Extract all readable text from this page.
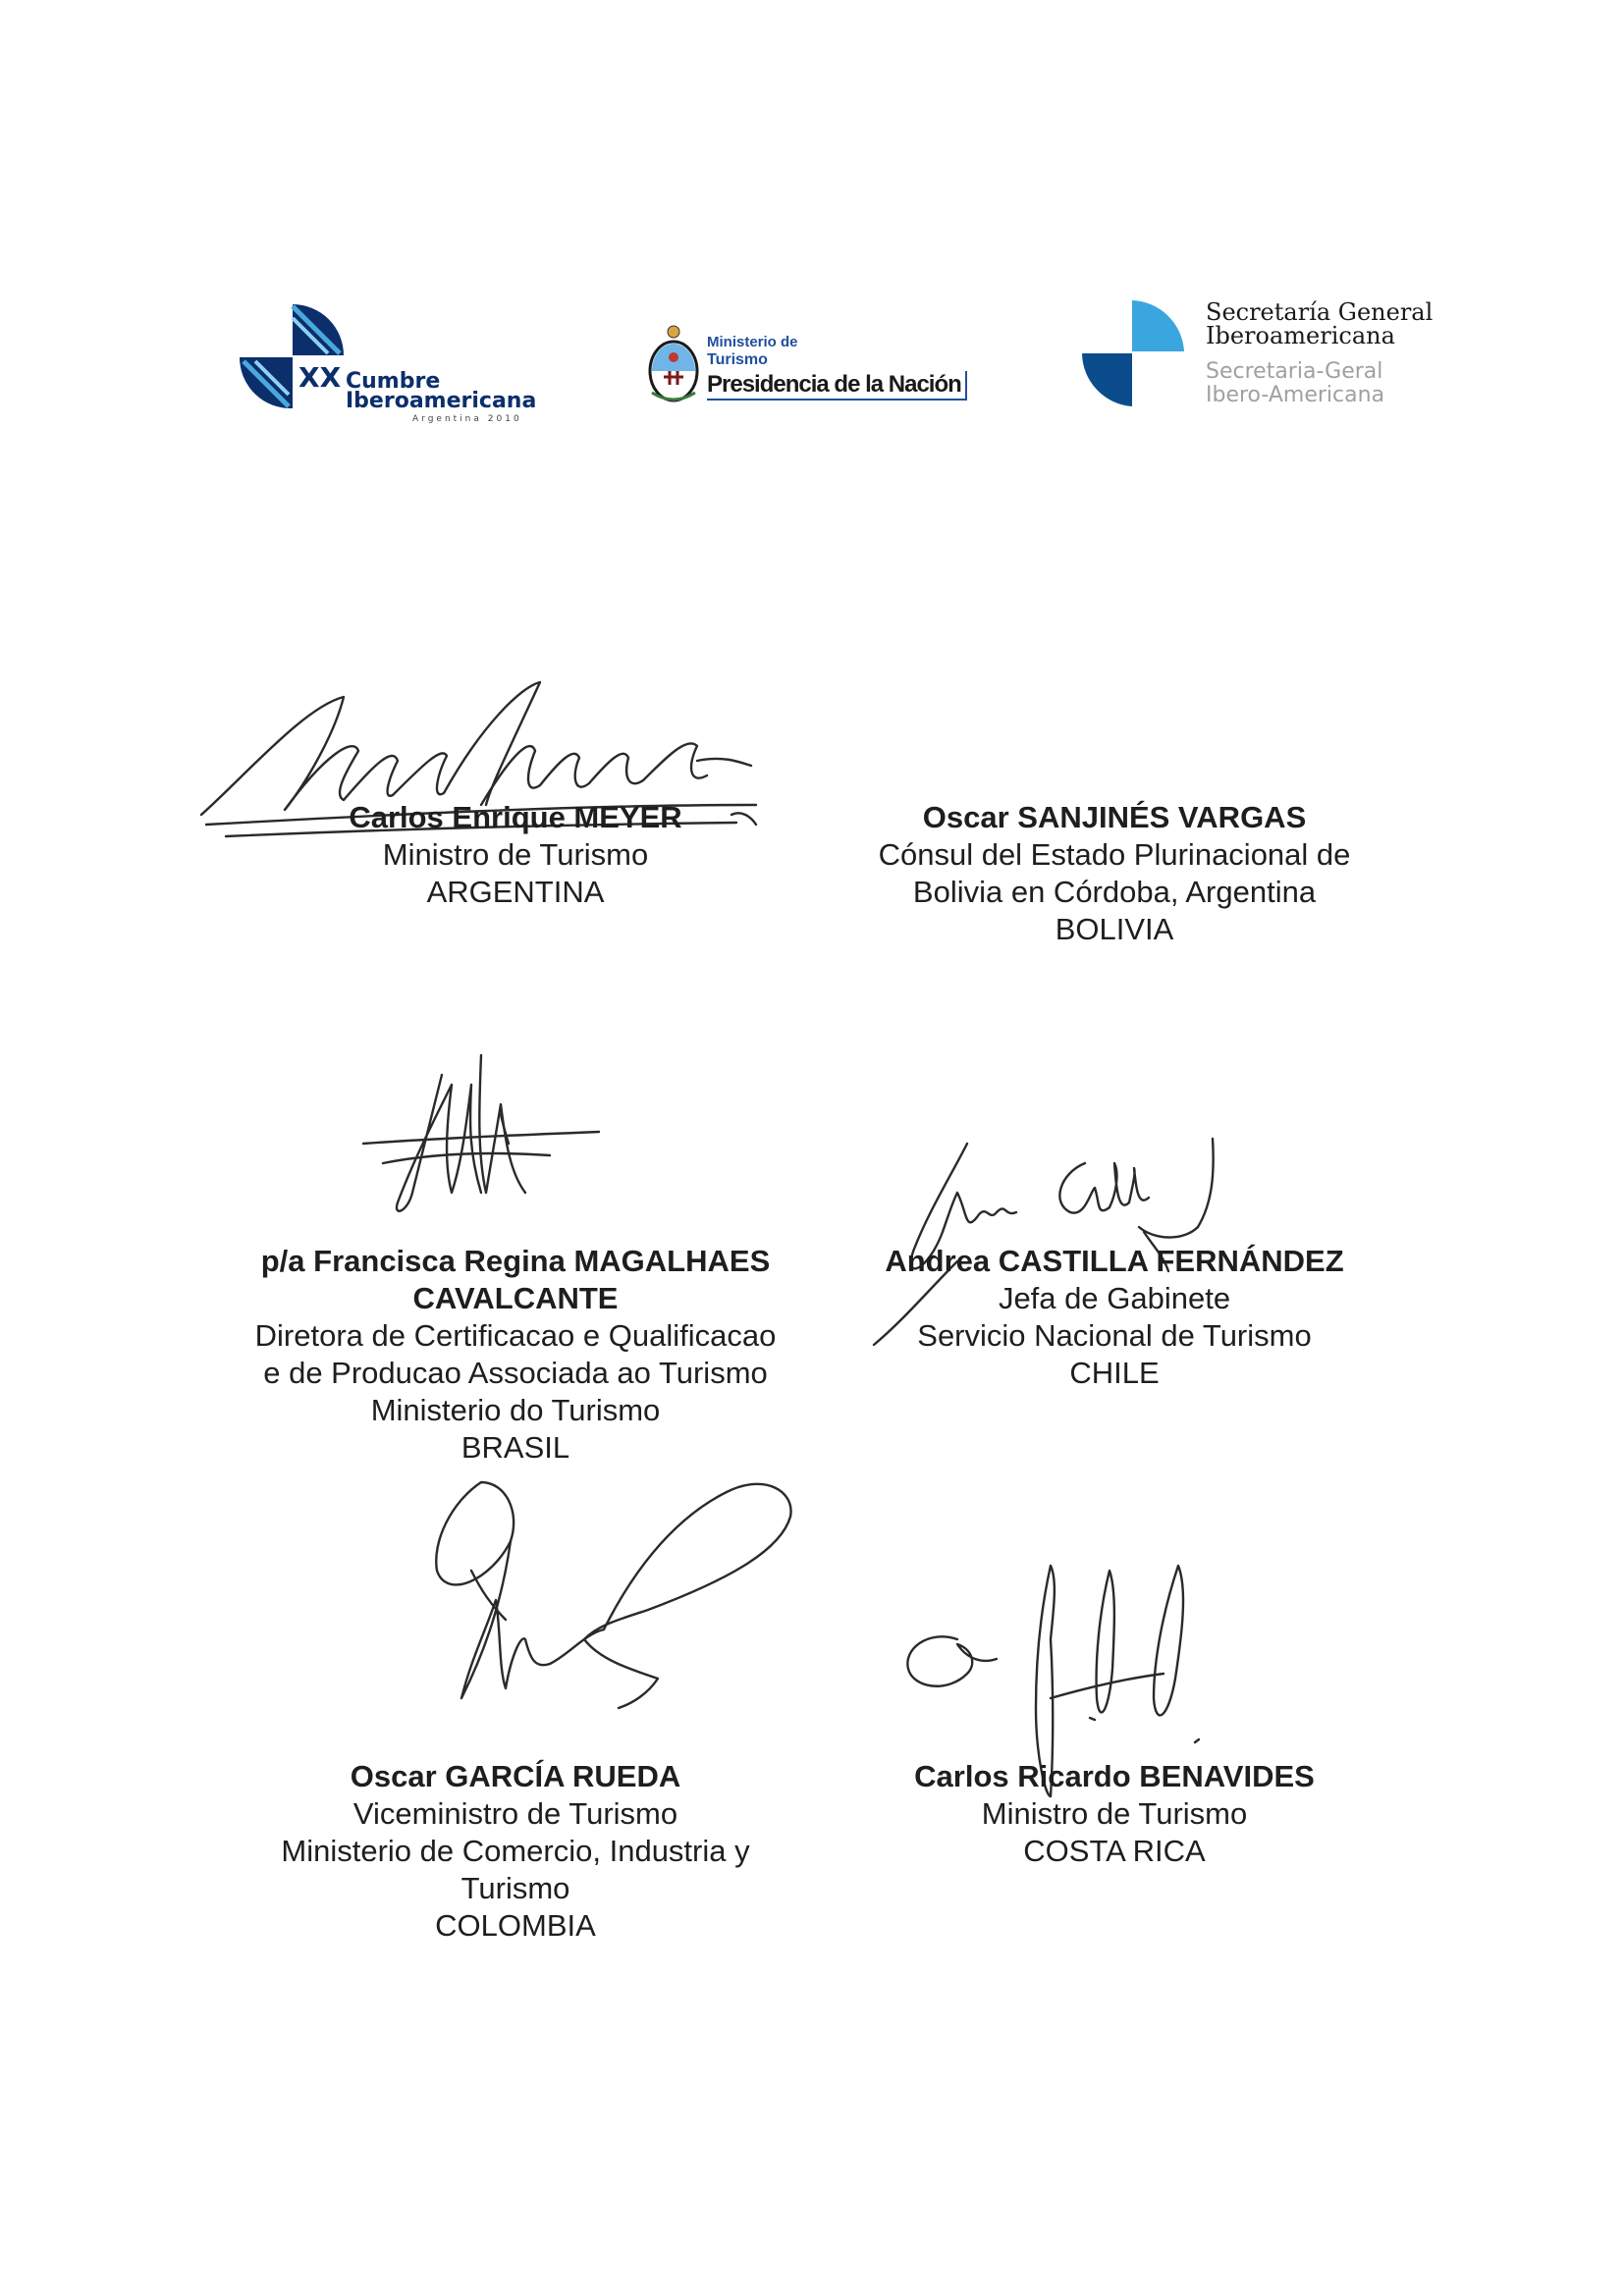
XX Cumbre
Iberoamericana
Argentina 2010
Ministerio de
Turismo
Presidencia de la Nación
Secretaría General
Iberoamericana
Secretaria-Geral
Ibero-Americana
Carlos Enrique MEYER
Ministro de Turismo
ARGENTINA
Oscar SANJINÉS VARGAS
Cónsul del Estado Plurinacional de
Bolivia en Córdoba, Argentina
BOLIVIA
p/a Francisca Regina MAGALHAES
CAVALCANTE
Diretora de Certificacao e Qualificacao
e de Producao Associada ao Turismo
Ministerio do Turismo
BRASIL
Andrea CASTILLA FERNÁNDEZ
Jefa de Gabinete
Servicio Nacional de Turismo
CHILE
Oscar GARCÍA RUEDA
Viceministro de Turismo
Ministerio de Comercio, Industria y
Turismo
COLOMBIA
Carlos Ricardo BENAVIDES
Ministro de Turismo
COSTA RICA
